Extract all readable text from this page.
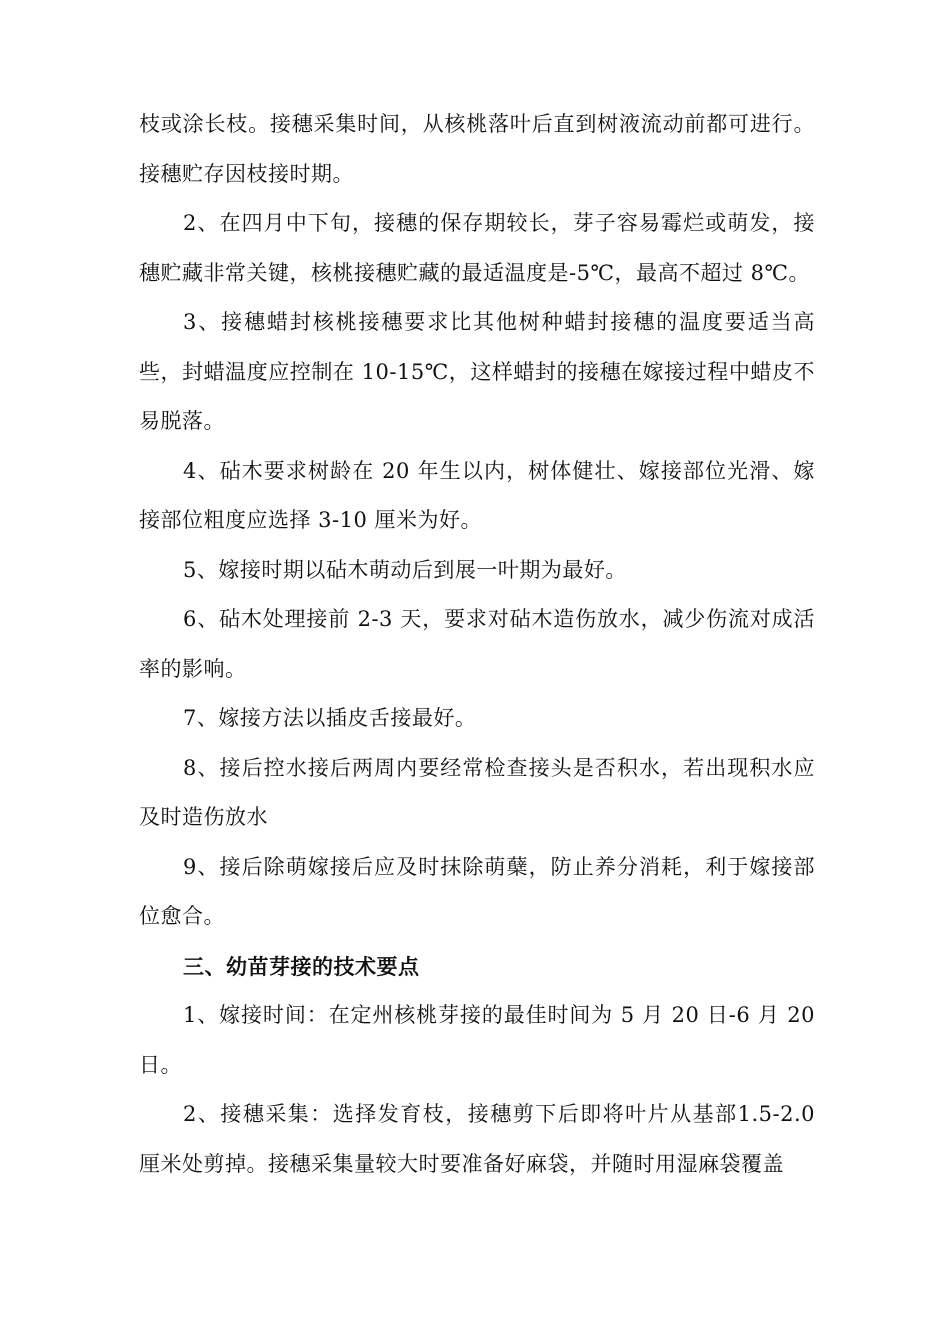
枝或涂长枝。接穗采集时间，从核桃落叶后直到树液流动前都可进行。接穗贮存因枝接时期。

2、在四月中下旬，接穗的保存期较长，芽子容易霉烂或萌发，接穗贮藏非常关键，核桃接穗贮藏的最适温度是-5℃，最高不超过 8℃。

3、接穗蜡封核桃接穗要求比其他树种蜡封接穗的温度要适当高些，封蜡温度应控制在 10-15℃，这样蜡封的接穗在嫁接过程中蜡皮不易脱落。

4、砧木要求树龄在 20 年生以内，树体健壮、嫁接部位光滑、嫁接部位粗度应选择 3-10 厘米为好。

5、嫁接时期以砧木萌动后到展一叶期为最好。

6、砧木处理接前 2-3 天，要求对砧木造伤放水，减少伤流对成活率的影响。

7、嫁接方法以插皮舌接最好。

8、接后控水接后两周内要经常检查接头是否积水，若出现积水应及时造伤放水

9、接后除萌嫁接后应及时抹除萌蘖，防止养分消耗，利于嫁接部位愈合。

三、幼苗芽接的技术要点

1、嫁接时间：在定州核桃芽接的最佳时间为 5 月 20 日-6 月 20 日。

2、接穗采集：选择发育枝，接穗剪下后即将叶片从基部1.5-2.0 厘米处剪掉。接穗采集量较大时要准备好麻袋，并随时用湿麻袋覆盖
